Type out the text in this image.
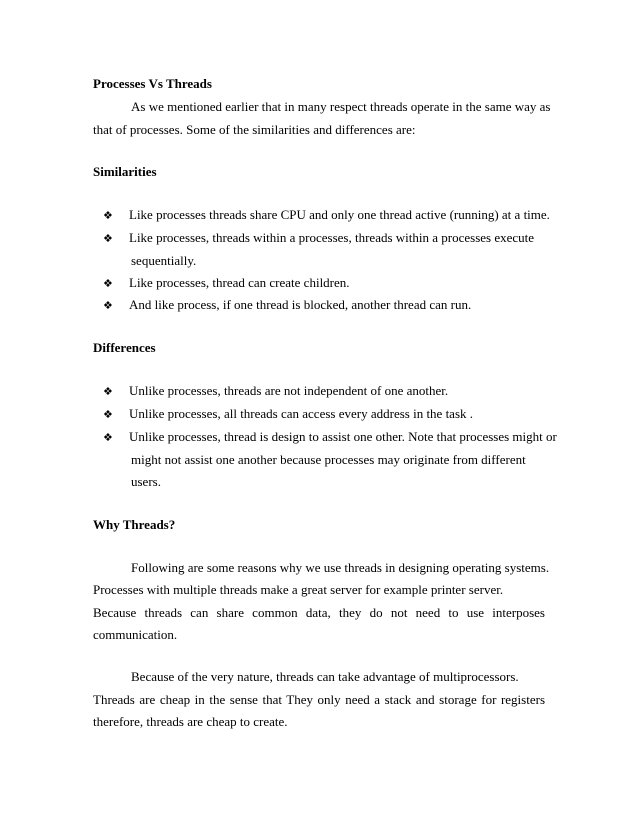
Processes Vs Threads
As we mentioned earlier that in many respect threads operate in the same way as
that of processes. Some of the similarities and differences are:
Similarities
❖ Like processes threads share CPU and only one thread active (running) at a time.
❖ Like processes, threads within a processes, threads within a processes execute
sequentially.
❖ Like processes, thread can create children.
❖ And like process, if one thread is blocked, another thread can run.
Differences
❖ Unlike processes, threads are not independent of one another.
❖ Unlike processes, all threads can access every address in the task .
❖ Unlike processes, thread is design to assist one other. Note that processes might or
might not assist one another because processes may originate from different
users.
Why Threads?
Following are some reasons why we use threads in designing operating systems.
Processes with multiple threads make a great server for example printer server.
Because threads can share common data, they do not need to use interposes
communication.
Because of the very nature, threads can take advantage of multiprocessors.
Threads are cheap in the sense that They only need a stack and storage for registers
therefore, threads are cheap to create.
